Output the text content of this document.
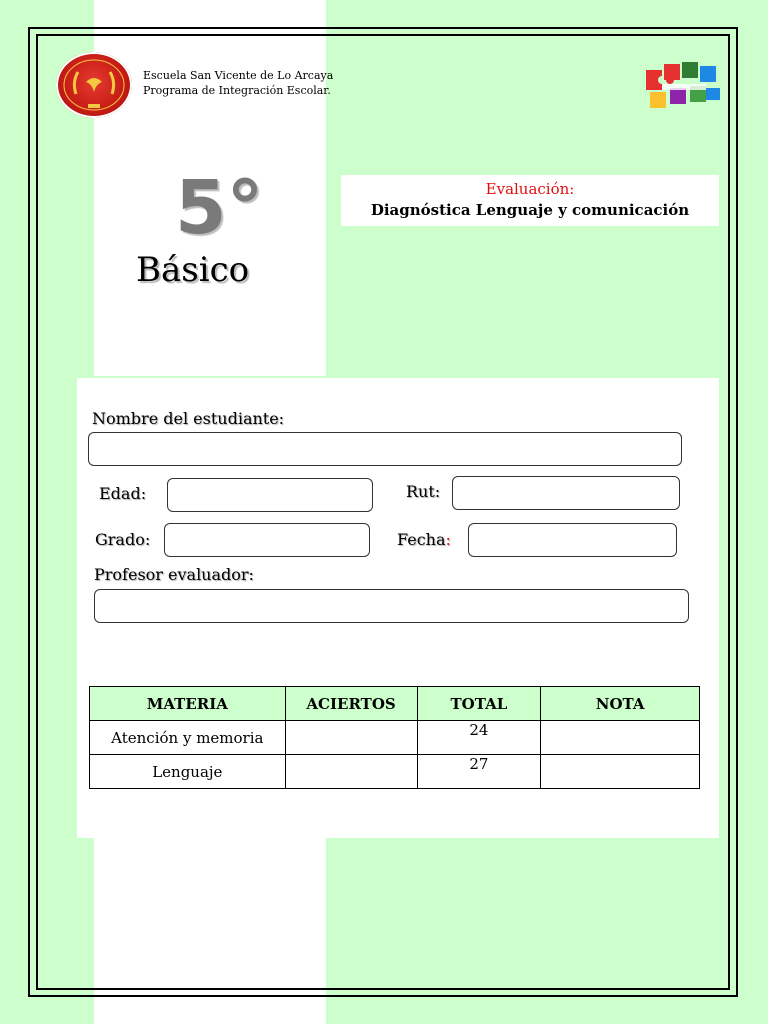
Escuela San Vicente de Lo Arcaya
Programa de Integración Escolar.
5°
Básico
Evaluación:
Diagnóstica Lenguaje y comunicación
Nombre del estudiante:
Edad:	Rut:
Grado:	Fecha:
Profesor evaluador:
MATERIA	ACIERTOS	TOTAL	NOTA
Atención y memoria		24	
Lenguaje		27	
